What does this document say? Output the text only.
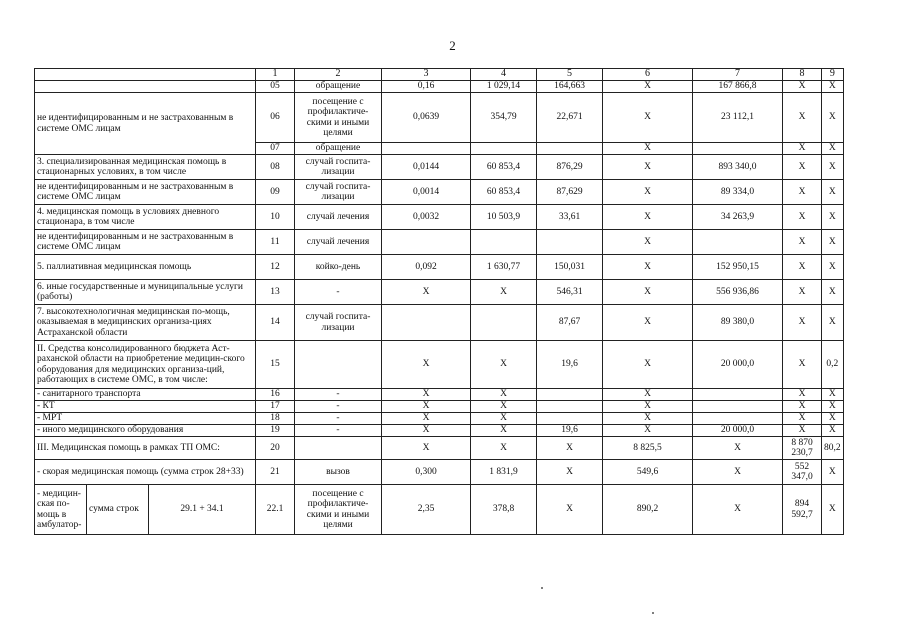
2
			1	2	3	4	5	6	7	8	9
			05	обращение	0,16	1 029,14	164,663	X	167 866,8	X	X
не идентифицированным и не застрахованным в системе ОМС лицам			06	посещение с профилактиче-скими и иными целями	0,0639	354,79	22,671	X	23 112,1	X	X
			07	обращение				X		X	X
3. специализированная медицинская помощь в стационарных условиях, в том числе			08	случай госпита-лизации	0,0144	60 853,4	876,29	X	893 340,0	X	X
не идентифицированным и не застрахованным в системе ОМС лицам			09	случай госпита-лизации	0,0014	60 853,4	87,629	X	89 334,0	X	X
4. медицинская помощь в условиях дневного стационара, в том числе			10	случай лечения	0,0032	10 503,9	33,61	X	34 263,9	X	X
не идентифицированным и не застрахованным в системе ОМС лицам			11	случай лечения				X		X	X
5. паллиативная медицинская помощь			12	койко-день	0,092	1 630,77	150,031	X	152 950,15	X	X
6. иные государственные и муниципальные услуги (работы)			13	-	X	X	546,31	X	556 936,86	X	X
7. высокотехнологичная медицинская по-мощь, оказываемая в медицинских организа-циях Астраханской области			14	случай госпита-лизации			87,67	X	89 380,0	X	X
II. Средства консолидированного бюджета Аст-раханской области на приобретение медицин-ского оборудования для медицинских организа-ций, работающих в системе ОМС, в том числе:			15		X	X	19,6	X	20 000,0	X	0,2
- санитарного транспорта			16	-	X	X		X		X	X
- КТ			17	-	X	X		X		X	X
- МРТ			18	-	X	X		X		X	X
- иного медицинского оборудования			19	-	X	X	19,6	X	20 000,0	X	X
III. Медицинская помощь в рамках ТП ОМС:			20		X	X	X	8 825,5	X	8 870 230,7	80,2
- скорая медицинская помощь (сумма строк 28+33)			21	вызов	0,300	1 831,9	X	549,6	X	552 347,0	X
- медицин-ская по-мощь в амбулатор-	сумма строк	29.1 + 34.1	22.1	посещение с профилактиче-скими и иными целями	2,35	378,8	X	890,2	X	894 592,7	X
